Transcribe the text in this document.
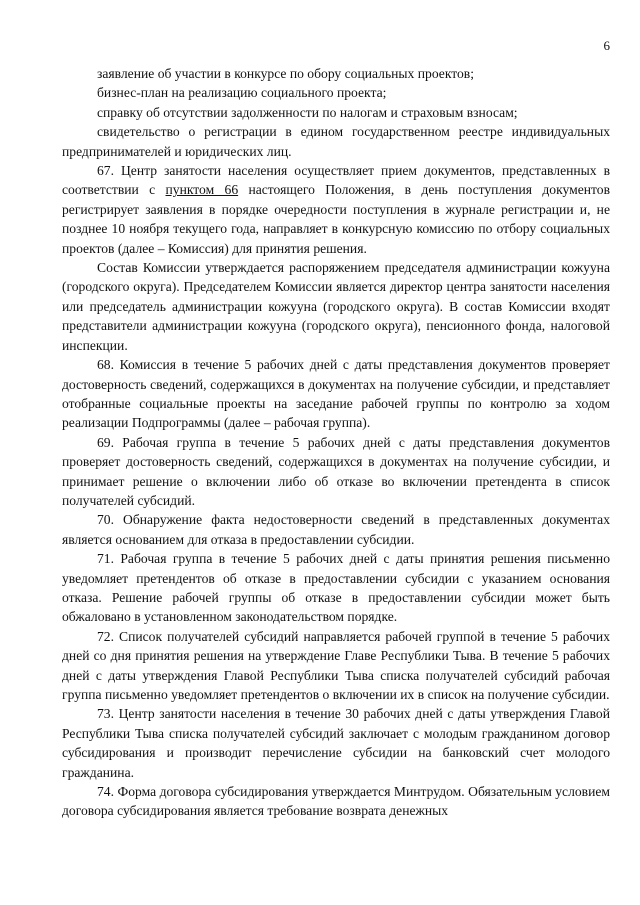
6

заявление об участии в конкурсе по обору социальных проектов;

бизнес-план на реализацию социального проекта;

справку об отсутствии задолженности по налогам и страховым взносам;

свидетельство о регистрации в едином государственном реестре индивидуальных предпринимателей и юридических лиц.

67. Центр занятости населения осуществляет прием документов, представленных в соответствии с пунктом 66 настоящего Положения, в день поступления документов регистрирует заявления в порядке очередности поступления в журнале регистрации и, не позднее 10 ноября текущего года, направляет в конкурсную комиссию по отбору социальных проектов (далее – Комиссия) для принятия решения.

Состав Комиссии утверждается распоряжением председателя администрации кожууна (городского округа). Председателем Комиссии является директор центра занятости населения или председатель администрации кожууна (городского округа). В состав Комиссии входят представители администрации кожууна (городского округа), пенсионного фонда, налоговой инспекции.

68. Комиссия в течение 5 рабочих дней с даты представления документов проверяет достоверность сведений, содержащихся в документах на получение субсидии, и представляет отобранные социальные проекты на заседание рабочей группы по контролю за ходом реализации Подпрограммы (далее – рабочая группа).

69. Рабочая группа в течение 5 рабочих дней с даты представления документов проверяет достоверность сведений, содержащихся в документах на получение субсидии, и принимает решение о включении либо об отказе во включении претендента в список получателей субсидий.

70. Обнаружение факта недостоверности сведений в представленных документах является основанием для отказа в предоставлении субсидии.

71. Рабочая группа в течение 5 рабочих дней с даты принятия решения письменно уведомляет претендентов об отказе в предоставлении субсидии с указанием основания отказа. Решение рабочей группы об отказе в предоставлении субсидии может быть обжаловано в установленном законодательством порядке.

72. Список получателей субсидий направляется рабочей группой в течение 5 рабочих дней со дня принятия решения на утверждение Главе Республики Тыва. В течение 5 рабочих дней с даты утверждения Главой Республики Тыва списка получателей субсидий рабочая группа письменно уведомляет претендентов о включении их в список на получение субсидии.

73. Центр занятости населения в течение 30 рабочих дней с даты утверждения Главой Республики Тыва списка получателей субсидий заключает с молодым гражданином договор субсидирования и производит перечисление субсидии на банковский счет молодого гражданина.

74. Форма договора субсидирования утверждается Минтрудом. Обязательным условием договора субсидирования является требование возврата денежных
